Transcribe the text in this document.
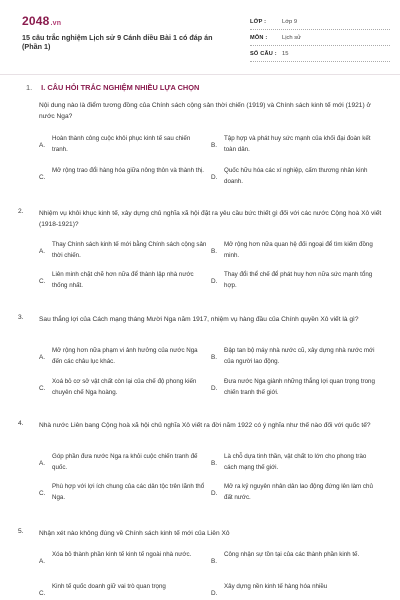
2048.vn
15 câu trắc nghiệm Lịch sử 9 Cánh diều Bài 1 có đáp án (Phần 1)
LỚP :	Lớp 9
MÔN :	Lịch sử
SỐ CÂU : 15
1. I. CÂU HỎI TRẮC NGHIỆM NHIỀU LỰA CHỌN
Nội dung nào là điểm tương đồng của Chính sách cộng sản thời chiến (1919) và Chính sách kinh tế mới (1921) ở nước Nga?
A.
Hoàn thành công cuộc khôi phục kinh tế sau chiến tranh.	B.
Tập hợp và phát huy sức mạnh của khối đại đoàn kết toàn dân.
C.
Mở rộng trao đổi hàng hóa giữa nông thôn và thành thị.
D.
Quốc hữu hóa các xí nghiệp, cấm thương nhân kinh doanh.
2.	Nhiệm vụ khôi khục kinh tế, xây dựng chủ nghĩa xã hội đặt ra yêu cầu bức thiết gì đối với các nước Cộng hoà Xô viết (1918-1921)?
A.
Thay Chính sách kinh tế mới bằng Chính sách cộng sản thời chiến.	B.
Mở rộng hơn nữa quan hệ đối ngoại để tìm kiếm đồng minh.
C.
Liên minh chặt chẽ hơn nữa để thành lập nhà nước thống nhất.	D.
Thay đổi thể chế để phát huy hơn nữa sức mạnh tổng hợp.
3.	Sau thắng lợi của Cách mạng tháng Mười Nga năm 1917, nhiệm vụ hàng đầu của Chính quyền Xô viết là gì?
A.
Mở rộng hơn nữa phạm vi ảnh hưởng của nước Nga đến các châu lục khác.	B.
Đập tan bộ máy nhà nước cũ, xây dựng nhà nước mới của người lao động.
C.
Xoá bỏ cơ sở vật chất còn lại của chế độ phong kiến chuyên chế Nga hoàng.	D.
Đưa nước Nga giành những thắng lợi quan trọng trong chiến tranh thế giới.
4.	Nhà nước Liên bang Cộng hoà xã hội chủ nghĩa Xô viết ra đời năm 1922 có ý nghĩa như thế nào đối với quốc tế?
A.
Góp phần đưa nước Nga ra khỏi cuộc chiến tranh đế quốc.	B.
Là chỗ dựa tinh thần, vật chất to lớn cho phong trào cách mạng thế giới.
C.
Phù hợp với lợi ích chung của các dân tộc trên lãnh thổ Nga.	D.
Mở ra kỷ nguyên nhân dân lao động đứng lên làm chủ đất nước.
5.	Nhận xét nào không đúng về Chính sách kinh tế mới của Liên Xô
A.
Xóa bỏ thành phần kinh tế kinh tế ngoài nhà nước.
B.
Công nhận sự tồn tại của các thành phần kinh tế.
C.
Kinh tế quốc doanh giữ vai trò quan trọng
D.
Xây dựng nền kinh tế hàng hóa nhiều
